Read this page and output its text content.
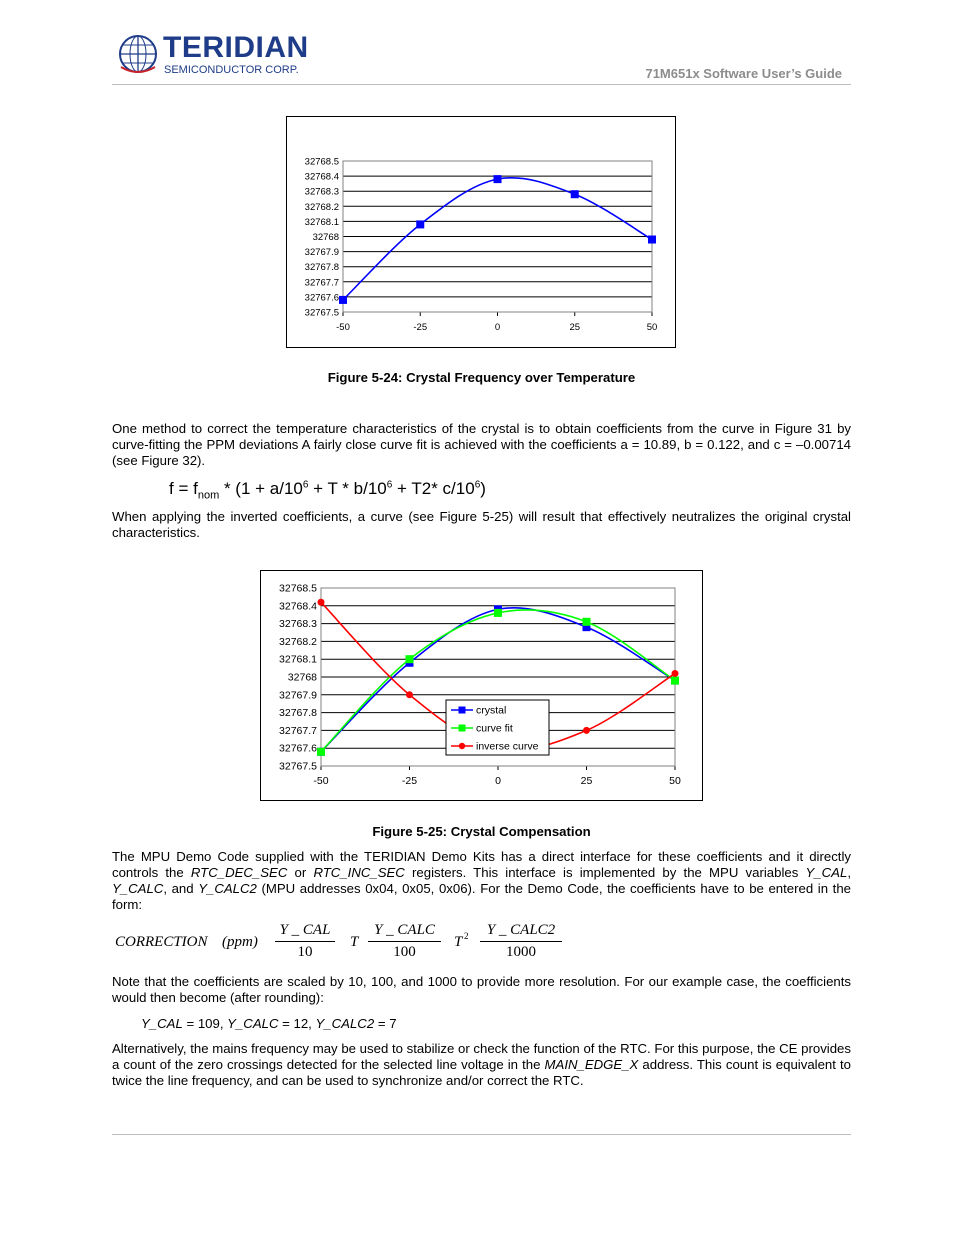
TERIDIAN
SEMICONDUCTOR CORP.	71M651x Software User’s Guide
32767.5
32767.6
32767.7
32767.8
32767.9
32768
32768.1
32768.2
32768.3
32768.4
32768.5
-50	-25	0	25	50
Figure 5-24: Crystal Frequency over Temperature

One method to correct the temperature characteristics of the crystal is to obtain coefficients from the curve in Figure 31 by curve-fitting the PPM deviations A fairly close curve fit is achieved with the coefficients a = 10.89, b = 0.122, and c = –0.00714 (see Figure 32).

$f = f_{nom} * (1 + a/10^6 + T * b/10^6 + T2*$ $c/10^6$)

When applying the inverted coefficients, a curve (see Figure 5-25) will result that effectively neutralizes the original crystal characteristics.

32767.5
32767.6
32767.7
32767.8
32767.9
32768
32768.1
32768.2
32768.3
32768.4
32768.5
-50	-25	0	25	50
crystal
curve fit
inverse curve
Figure 5-25: Crystal Compensation

The MPU Demo Code supplied with the TERIDIAN Demo Kits has a direct interface for these coefficients and it directly controls the RTC_DEC_SEC or RTC_INC_SEC registers. This interface is implemented by the MPU variables Y_CAL, Y_CALC, and Y_CALC2 (MPU addresses 0x04, 0x05, 0x06). For the Demo Code, the coefficients have to be entered in the form:

CORRECTION (ppm)
Y _ CAL
10
T
Y _ CALC
100
T 2	Y _ CALC2
1000

Note that the coefficients are scaled by 10, 100, and 1000 to provide more resolution. For our example case, the coefficients would then become (after rounding):

Y_CAL = 109, Y_CALC = 12, Y_CALC2 = 7

Alternatively, the mains frequency may be used to stabilize or check the function of the RTC. For this purpose, the CE provides a count of the zero crossings detected for the selected line voltage in the MAIN_EDGE_X address. This count is equivalent to twice the line frequency, and can be used to synchronize and/or correct the RTC.
